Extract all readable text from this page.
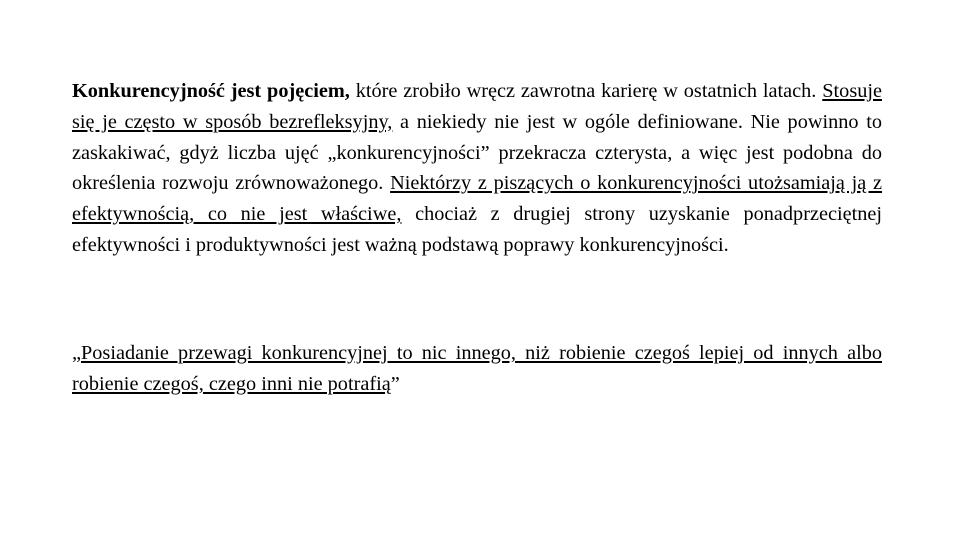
Konkurencyjność jest pojęciem, które zrobiło wręcz zawrotna karierę w ostatnich latach. Stosuje się je często w sposób bezrefleksyjny, a niekiedy nie jest w ogóle definiowane. Nie powinno to zaskakiwać, gdyż liczba ujęć „konkurencyjności” przekracza czterysta, a więc jest podobna do określenia rozwoju zrównoważonego. Niektórzy z piszących o konkurencyjności utożsamiają ją z efektywnością, co nie jest właściwe, chociaż z drugiej strony uzyskanie ponadprzeciętnej efektywności i produktywności jest ważną podstawą poprawy konkurencyjności.

„Posiadanie przewagi konkurencyjnej to nic innego, niż robienie czegoś lepiej od innych albo robienie czegoś, czego inni nie potrafią”
